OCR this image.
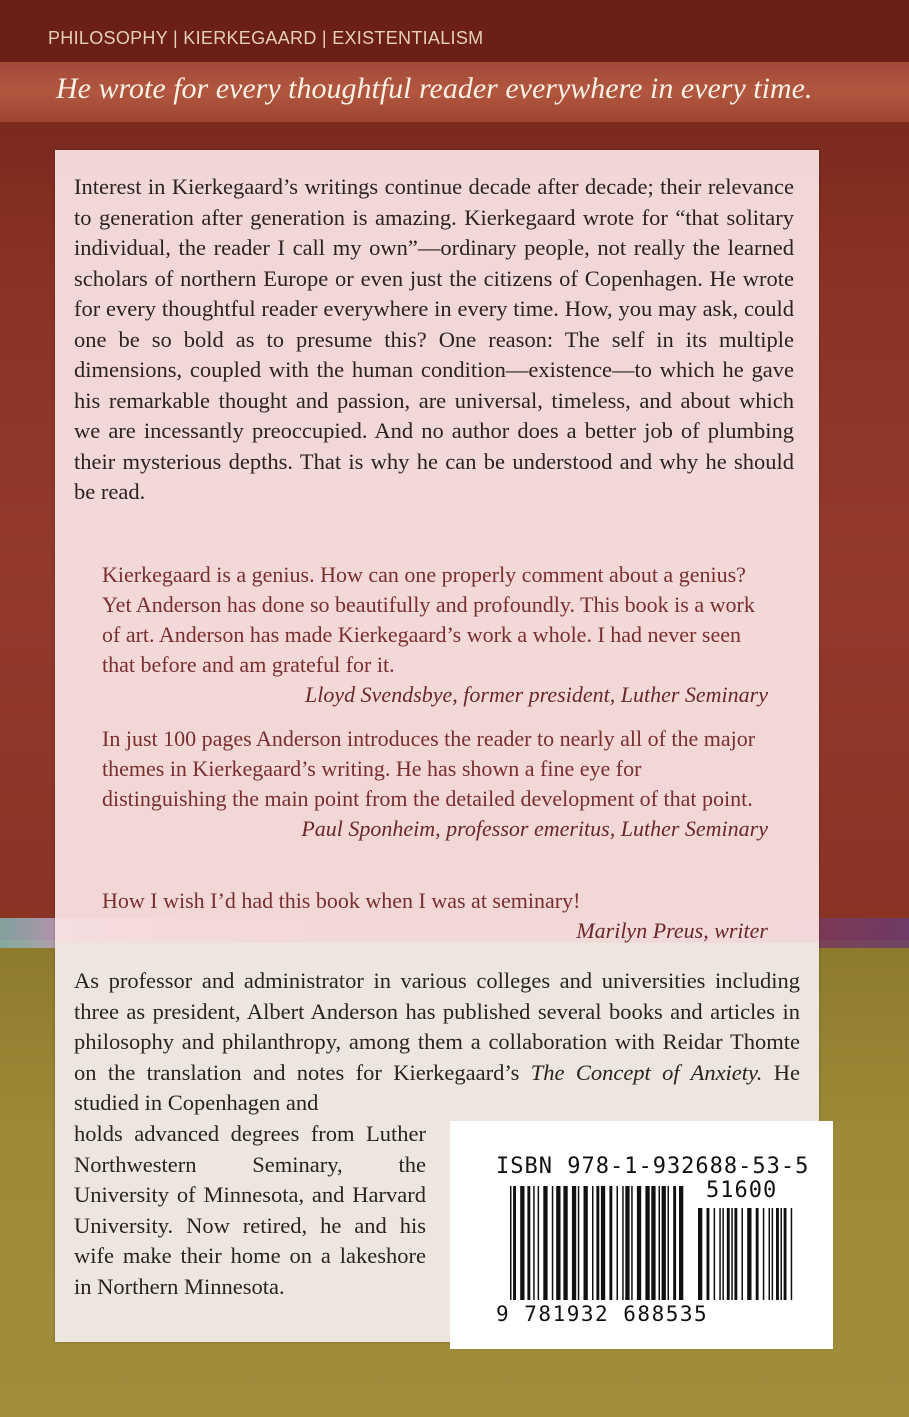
PHILOSOPHY | KIERKEGAARD | EXISTENTIALISM
He wrote for every thoughtful reader everywhere in every time.
Interest in Kierkegaard’s writings continue decade after decade; their relevance to generation after generation is amazing. Kierkegaard wrote for “that solitary individual, the reader I call my own”—ordinary people, not really the learned scholars of northern Europe or even just the citizens of Copenhagen. He wrote for every thoughtful reader everywhere in every time. How, you may ask, could one be so bold as to presume this? One reason: The self in its multiple dimensions, coupled with the human condition—existence—to which he gave his remarkable thought and passion, are universal, timeless, and about which we are incessantly preoccupied. And no author does a better job of plumbing their mysterious depths. That is why he can be understood and why he should be read.

Kierkegaard is a genius. How can one properly comment about a genius? Yet Anderson has done so beautifully and profoundly. This book is a work of art. Anderson has made Kierkegaard’s work a whole. I had never seen that before and am grateful for it.

Lloyd Svendsbye, former president, Luther Seminary

In just 100 pages Anderson introduces the reader to nearly all of the major themes in Kierkegaard’s writing. He has shown a fine eye for distinguishing the main point from the detailed development of that point.

Paul Sponheim, professor emeritus, Luther Seminary

How I wish I’d had this book when I was at seminary!

Marilyn Preus, writer
As professor and administrator in various colleges and universities including three as president, Albert Anderson has published several books and articles in philosophy and philanthropy, among them a collaboration with Reidar Thomte on the translation and notes for Kierkegaard’s The Concept of Anxiety. He studied in Copenhagen and
holds advanced degrees from Luther Northwestern Seminary, the University of Minnesota, and Harvard University. Now retired, he and his wife make their home on a lakeshore in Northern Minnesota.
ISBN 978-1-932688-53-5
51600
9 781932 688535
